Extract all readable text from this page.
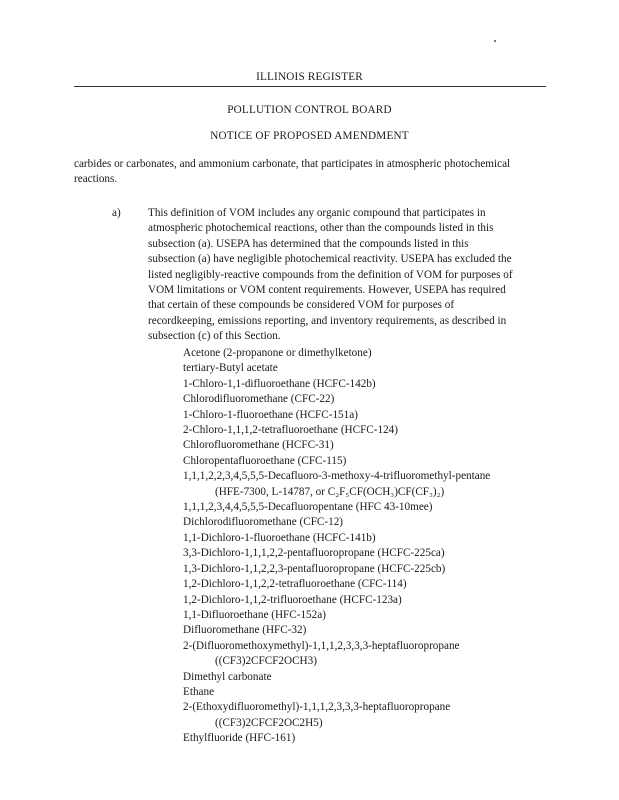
ILLINOIS REGISTER
POLLUTION CONTROL BOARD
NOTICE OF PROPOSED AMENDMENT
carbides or carbonates, and ammonium carbonate, that participates in atmospheric photochemical
reactions.
a) This definition of VOM includes any organic compound that participates in
atmospheric photochemical reactions, other than the compounds listed in this
subsection (a). USEPA has determined that the compounds listed in this
subsection (a) have negligible photochemical reactivity. USEPA has excluded the
listed negligibly-reactive compounds from the definition of VOM for purposes of
VOM limitations or VOM content requirements. However, USEPA has required
that certain of these compounds be considered VOM for purposes of
recordkeeping, emissions reporting, and inventory requirements, as described in
subsection (c) of this Section.
Acetone (2-propanone or dimethylketone)
tertiary-Butyl acetate
1-Chloro-1,1-difluoroethane (HCFC-142b)
Chlorodifluoromethane (CFC-22)
1-Chloro-1-fluoroethane (HCFC-151a)
2-Chloro-1,1,1,2-tetrafluoroethane (HCFC-124)
Chlorofluoromethane (HCFC-31)
Chloropentafluoroethane (CFC-115)
1,1,1,2,2,3,4,5,5,5-Decafluoro-3-methoxy-4-trifluoromethyl-pentane
(HFE-7300, L-14787, or C₂F₅CF(OCH₃)CF(CF₃)₂)
1,1,1,2,3,4,4,5,5,5-Decafluoropentane (HFC 43-10mee)
Dichlorodifluoromethane (CFC-12)
1,1-Dichloro-1-fluoroethane (HCFC-141b)
3,3-Dichloro-1,1,1,2,2-pentafluoropropane (HCFC-225ca)
1,3-Dichloro-1,1,2,2,3-pentafluoropropane (HCFC-225cb)
1,2-Dichloro-1,1,2,2-tetrafluoroethane (CFC-114)
1,2-Dichloro-1,1,2-trifluoroethane (HCFC-123a)
1,1-Difluoroethane (HFC-152a)
Difluoromethane (HFC-32)
2-(Difluoromethoxymethyl)-1,1,1,2,3,3,3-heptafluoropropane
((CF3)2CFCF2OCH3)
Dimethyl carbonate
Ethane
2-(Ethoxydifluoromethyl)-1,1,1,2,3,3,3-heptafluoropropane
((CF3)2CFCF2OC2H5)
Ethylfluoride (HFC-161)
